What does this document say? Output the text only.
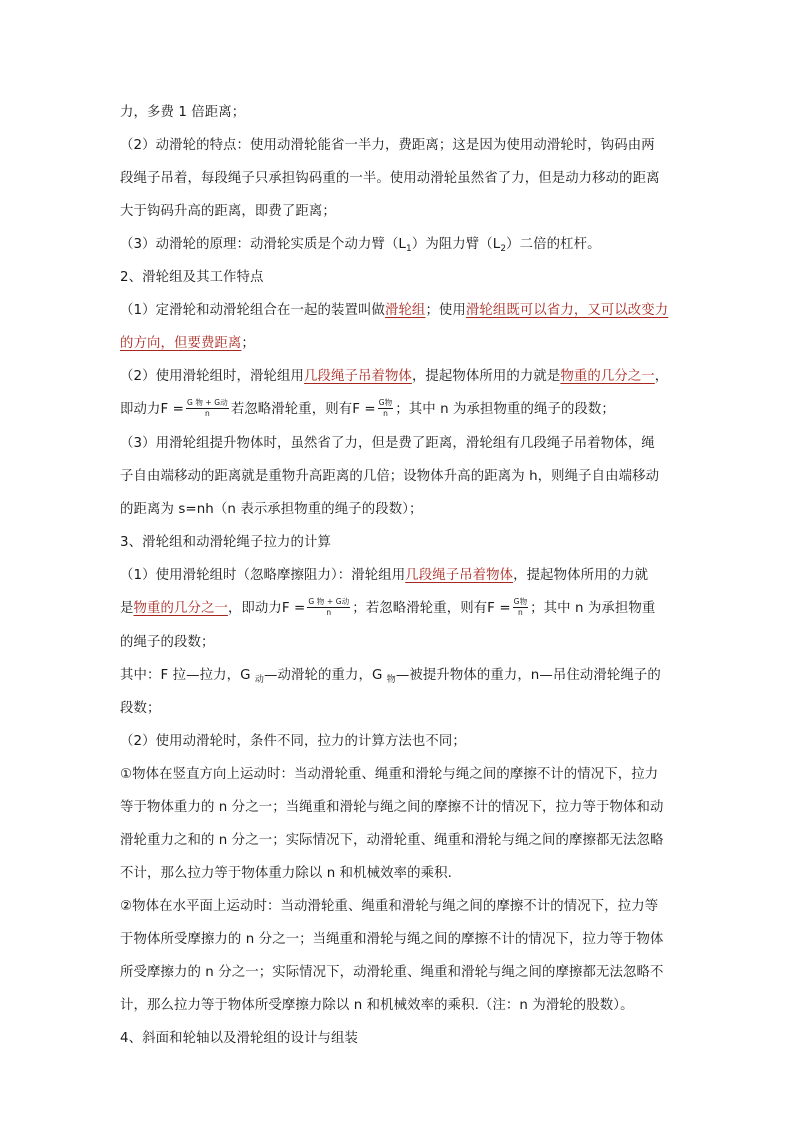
力，多费 1 倍距离；
（2）动滑轮的特点：使用动滑轮能省一半力，费距离；这是因为使用动滑轮时，钩码由两
段绳子吊着，每段绳子只承担钩码重的一半。使用动滑轮虽然省了力，但是动力移动的距离
大于钩码升高的距离，即费了距离；
（3）动滑轮的原理：动滑轮实质是个动力臂$(L_1)$为阻力臂$(L_2)$二倍的杠杆。
2、滑轮组及其工作特点
（1）定滑轮和动滑轮组合在一起的装置叫做滑轮组；使用滑轮组既可以省力，又可以改变力
的方向，但要费距离；
（2）使用滑轮组时，滑轮组用几段绳子吊着物体，提起物体所用的力就是物重的几分之一，
即动力$F = \frac{\text{G 物 + G动}}{n}$ 若忽略滑轮重，则有$F = \frac{\text{G物}}{n}$ ；其中 n 为承担物重的绳子的段数；
（3）用滑轮组提升物体时，虽然省了力，但是费了距离，滑轮组有几段绳子吊着物体，绳
子自由端移动的距离就是重物升高距离的几倍；设物体升高的距离为 h，则绳子自由端移动
的距离为 s=nh（n 表示承担物重的绳子的段数）；
3、滑轮组和动滑轮绳子拉力的计算
（1）使用滑轮组时（忽略摩擦阻力）：滑轮组用几段绳子吊着物体，提起物体所用的力就
是物重的几分之一，即动力$F = \frac{\text{G 物 + G动}}{n}$ ；若忽略滑轮重，则有$F = \frac{\text{G物}}{n}$ ；其中 n 为承担物重
的绳子的段数；
其中：F 拉—拉力，G $_动$—动滑轮的重力，G $_物$—被提升物体的重力，n—吊住动滑轮绳子的
段数；
（2）使用动滑轮时，条件不同，拉力的计算方法也不同；
①物体在竖直方向上运动时：当动滑轮重、绳重和滑轮与绳之间的摩擦不计的情况下，拉力
等于物体重力的 n 分之一；当绳重和滑轮与绳之间的摩擦不计的情况下，拉力等于物体和动
滑轮重力之和的 n 分之一；实际情况下，动滑轮重、绳重和滑轮与绳之间的摩擦都无法忽略
不计，那么拉力等于物体重力除以 n 和机械效率的乘积.
②物体在水平面上运动时：当动滑轮重、绳重和滑轮与绳之间的摩擦不计的情况下，拉力等
于物体所受摩擦力的 n 分之一；当绳重和滑轮与绳之间的摩擦不计的情况下，拉力等于物体
所受摩擦力的 n 分之一；实际情况下，动滑轮重、绳重和滑轮与绳之间的摩擦都无法忽略不
计，那么拉力等于物体所受摩擦力除以 n 和机械效率的乘积.（注：n 为滑轮的股数）。
4、斜面和轮轴以及滑轮组的设计与组装
